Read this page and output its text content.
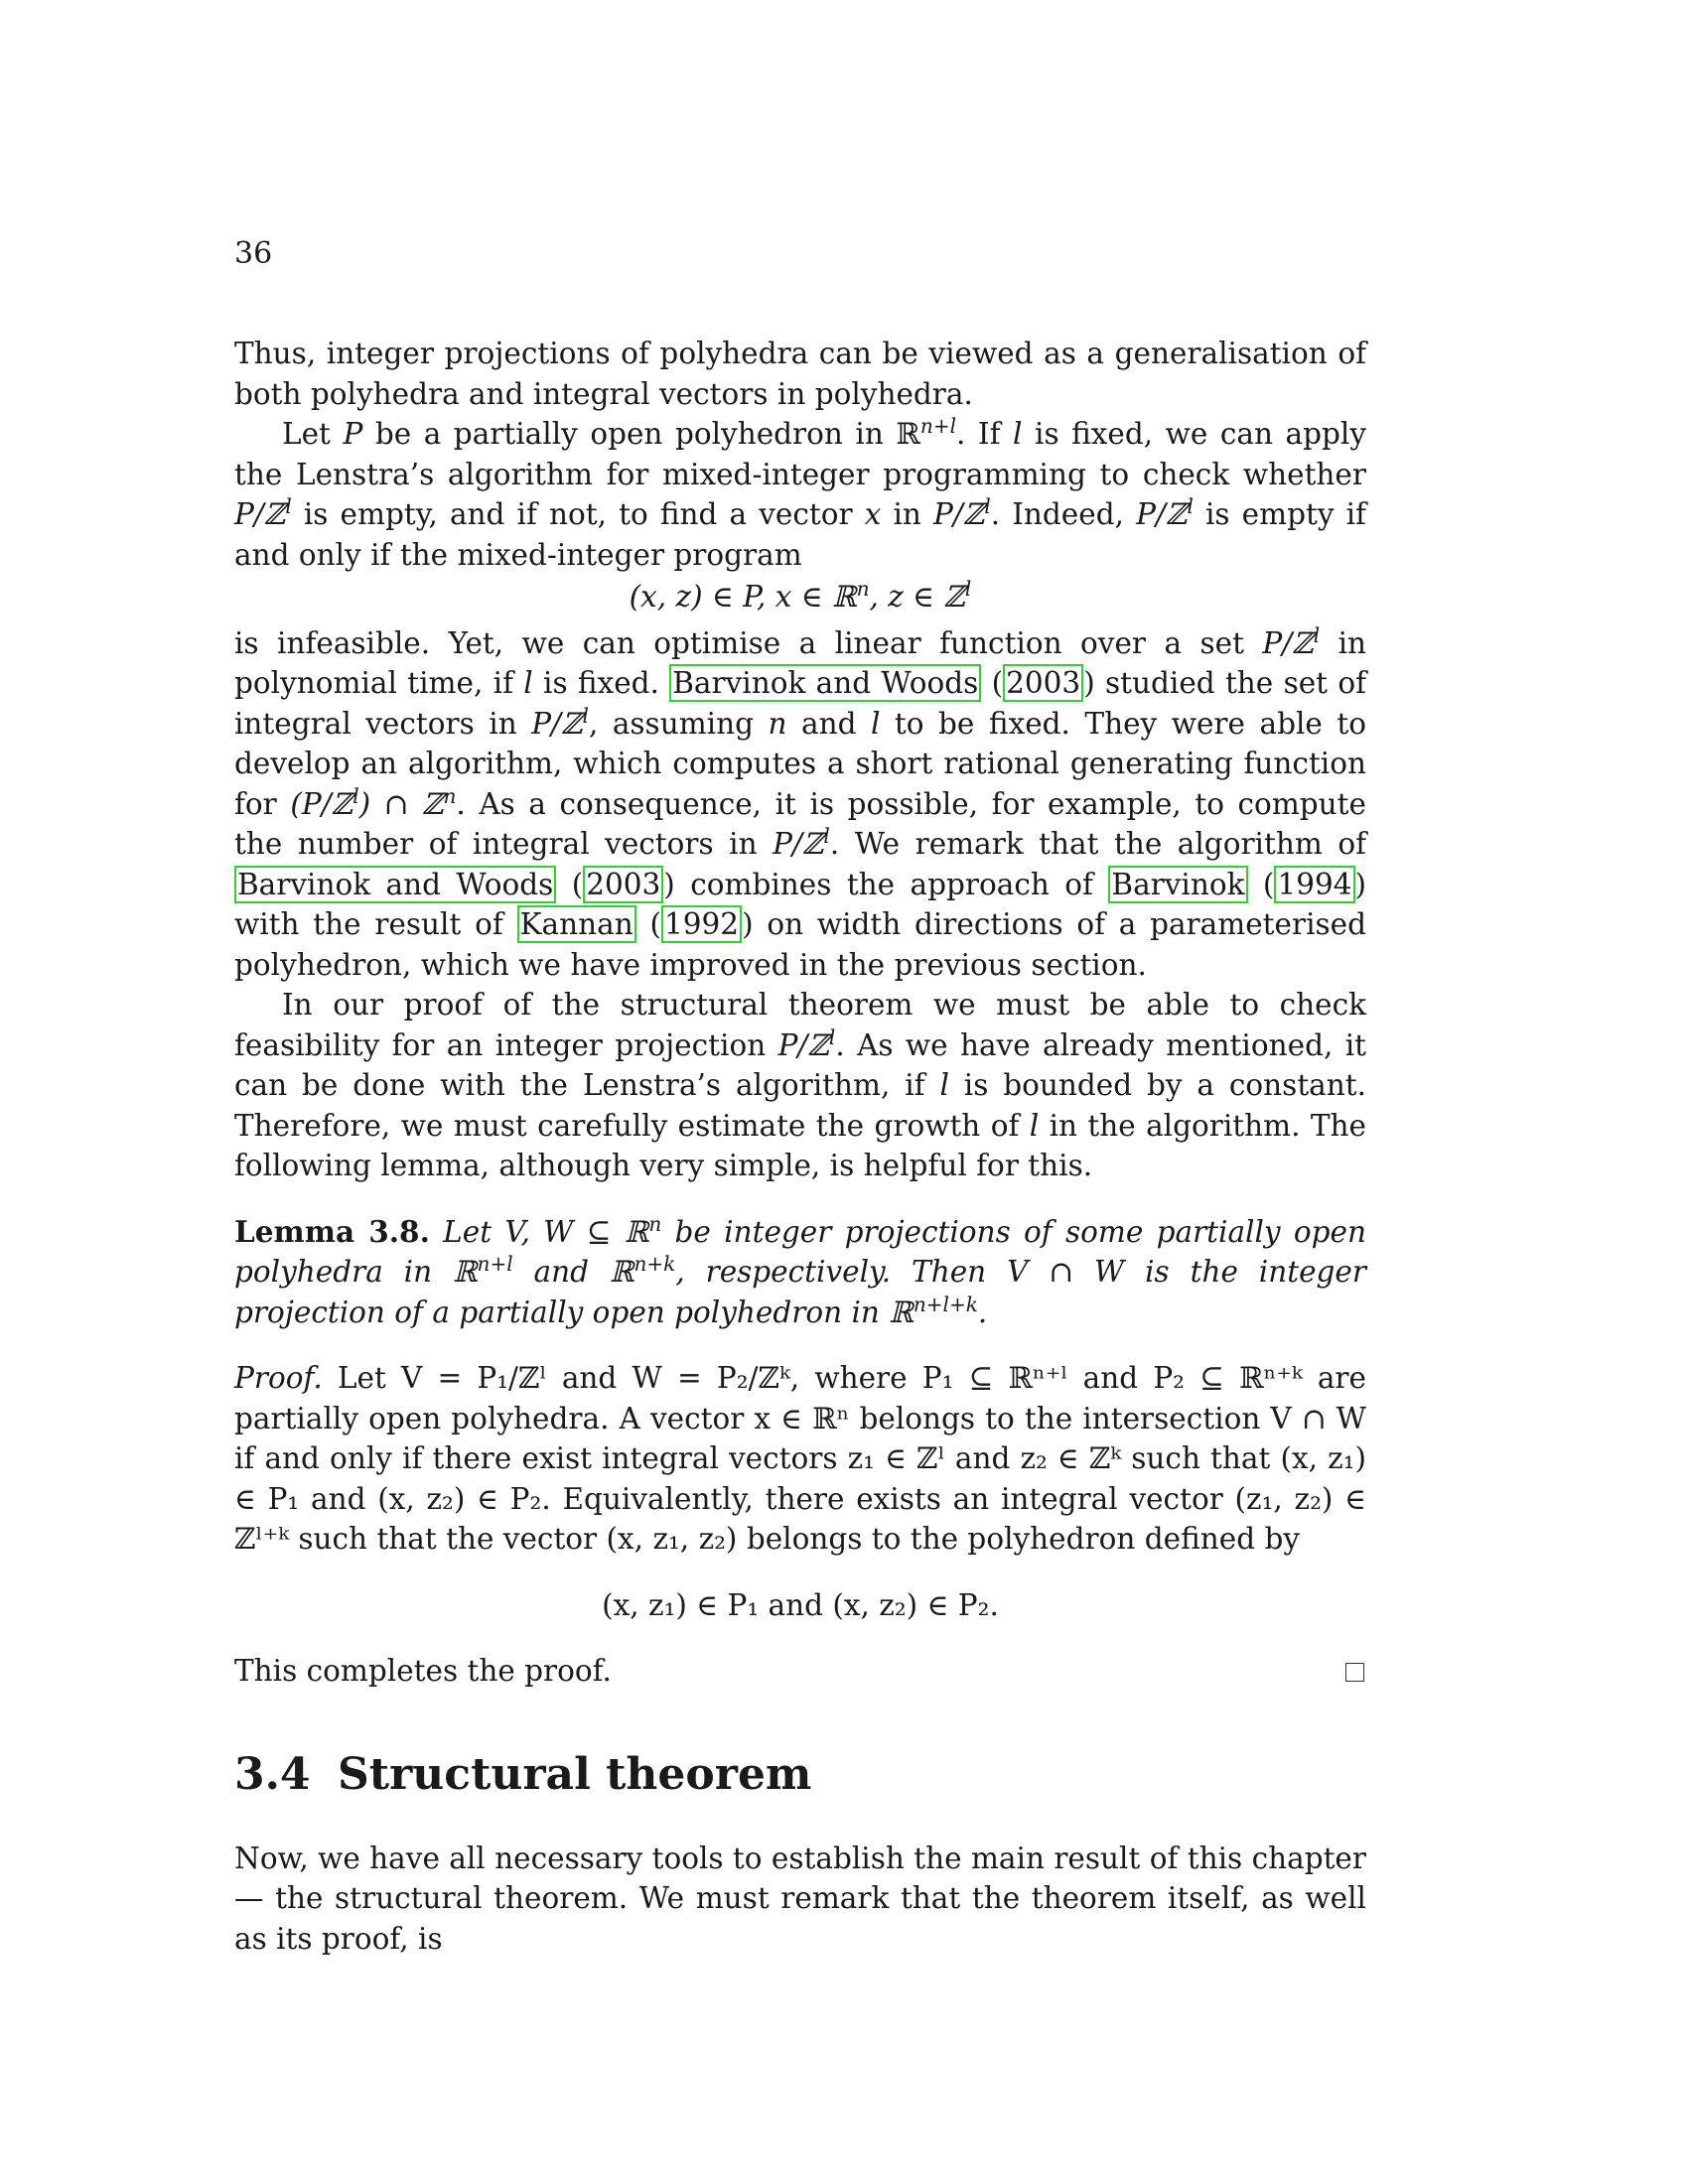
36

Thus, integer projections of polyhedra can be viewed as a generalisation of both polyhedra and integral vectors in polyhedra.

Let P be a partially open polyhedron in ℝ$^{n+l}$. If l is fixed, we can apply the Lenstra’s algorithm for mixed-integer programming to check whether P/ℤ$^l$ is empty, and if not, to find a vector x in P/ℤ$^l$. Indeed, P/ℤ$^l$ is empty if and only if the mixed-integer program

(x, z) ∈ P, x ∈ ℝ$^n$, z ∈ ℤ$^l$

is infeasible. Yet, we can optimise a linear function over a set P/ℤ$^l$ in polynomial time, if l is fixed. Barvinok and Woods ( 2003 ) studied the set of integral vectors in P/ℤ$^l$, assuming n and l to be fixed. They were able to develop an algorithm, which computes a short rational generating function for (P/ℤ$^l$) ∩ ℤ$^n$. As a consequence, it is possible, for example, to compute the number of integral vectors in P/ℤ$^l$. We remark that the algorithm of Barvinok and Woods ( 2003 ) combines the approach of Barvinok ( 1994 ) with the result of Kannan ( 1992 ) on width directions of a parameterised polyhedron, which we have improved in the previous section.

In our proof of the structural theorem we must be able to check feasibility for an integer projection P/ℤ$^l$. As we have already mentioned, it can be done with the Lenstra’s algorithm, if l is bounded by a constant. Therefore, we must carefully estimate the growth of l in the algorithm. The following lemma, although very simple, is helpful for this.

Lemma 3.8. Let V, W ⊆ ℝ$^n$ be integer projections of some partially open polyhedra in ℝ$^{n+l}$ and ℝ$^{n+k}$, respectively. Then V ∩ W is the integer projection of a partially open polyhedron in ℝ$^{n+l+k}$.

Proof. Let V = P₁/ℤˡ and W = P₂/ℤᵏ, where P₁ ⊆ ℝⁿ⁺ˡ and P₂ ⊆ ℝⁿ⁺ᵏ are partially open polyhedra. A vector x ∈ ℝⁿ belongs to the intersection V ∩ W if and only if there exist integral vectors z₁ ∈ ℤˡ and z₂ ∈ ℤᵏ such that (x, z₁) ∈ P₁ and (x, z₂) ∈ P₂. Equivalently, there exists an integral vector (z₁, z₂) ∈ ℤˡ⁺ᵏ such that the vector (x, z₁, z₂) belongs to the polyhedron defined by

(x, z₁) ∈ P₁ and (x, z₂) ∈ P₂.
This completes the proof.
3.4 Structural theorem

Now, we have all necessary tools to establish the main result of this chapter — the structural theorem. We must remark that the theorem itself, as well as its proof, is
